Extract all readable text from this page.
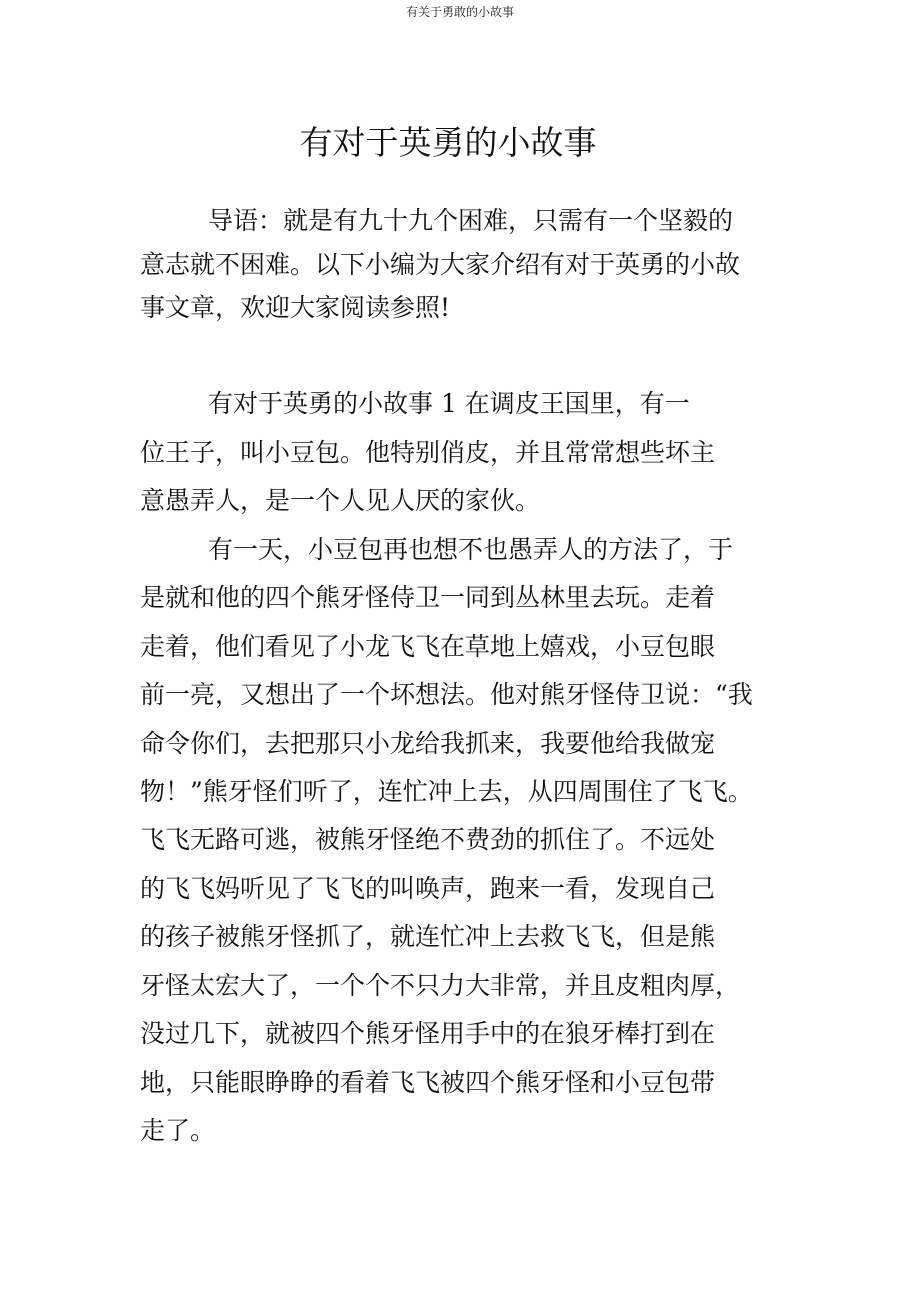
有关于勇敢的小故事
有对于英勇的小故事
导语：就是有九十九个困难，只需有一个坚毅的
意志就不困难。以下小编为大家介绍有对于英勇的小故
事文章，欢迎大家阅读参照!
有对于英勇的小故事 1 在调皮王国里，有一
位王子，叫小豆包。他特别俏皮，并且常常想些坏主
意愚弄人，是一个人见人厌的家伙。
有一天，小豆包再也想不也愚弄人的方法了，于
是就和他的四个熊牙怪侍卫一同到丛林里去玩。走着
走着，他们看见了小龙飞飞在草地上嬉戏，小豆包眼
前一亮，又想出了一个坏想法。他对熊牙怪侍卫说：“我
命令你们，去把那只小龙给我抓来，我要他给我做宠
物！”熊牙怪们听了，连忙冲上去，从四周围住了飞飞。
飞飞无路可逃，被熊牙怪绝不费劲的抓住了。不远处
的飞飞妈听见了飞飞的叫唤声，跑来一看，发现自己
的孩子被熊牙怪抓了，就连忙冲上去救飞飞，但是熊
牙怪太宏大了，一个个不只力大非常，并且皮粗肉厚，
没过几下，就被四个熊牙怪用手中的在狼牙棒打到在
地，只能眼睁睁的看着飞飞被四个熊牙怪和小豆包带
走了。
